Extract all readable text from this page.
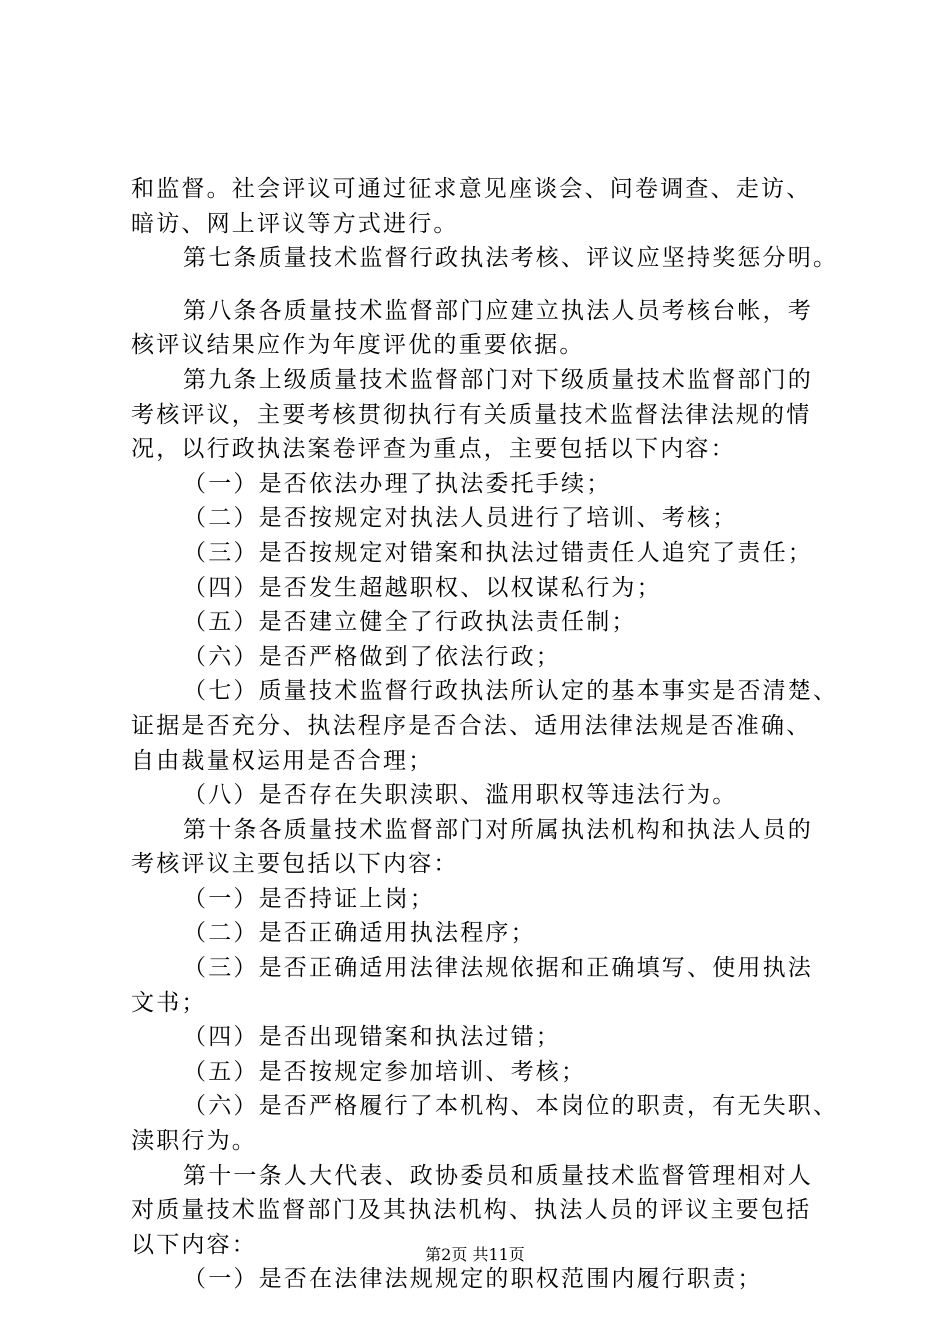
和监督。社会评议可通过征求意见座谈会、问卷调查、走访、
暗访、网上评议等方式进行。
第七条质量技术监督行政执法考核、评议应坚持奖惩分明。
第八条各质量技术监督部门应建立执法人员考核台帐，考
核评议结果应作为年度评优的重要依据。
第九条上级质量技术监督部门对下级质量技术监督部门的
考核评议，主要考核贯彻执行有关质量技术监督法律法规的情
况，以行政执法案卷评查为重点，主要包括以下内容：
（一）是否依法办理了执法委托手续；
（二）是否按规定对执法人员进行了培训、考核；
（三）是否按规定对错案和执法过错责任人追究了责任；
（四）是否发生超越职权、以权谋私行为；
（五）是否建立健全了行政执法责任制；
（六）是否严格做到了依法行政；
（七）质量技术监督行政执法所认定的基本事实是否清楚、
证据是否充分、执法程序是否合法、适用法律法规是否准确、
自由裁量权运用是否合理；
（八）是否存在失职渎职、滥用职权等违法行为。
第十条各质量技术监督部门对所属执法机构和执法人员的
考核评议主要包括以下内容：
（一）是否持证上岗；
（二）是否正确适用执法程序；
（三）是否正确适用法律法规依据和正确填写、使用执法
文书；
（四）是否出现错案和执法过错；
（五）是否按规定参加培训、考核；
（六）是否严格履行了本机构、本岗位的职责，有无失职、
渎职行为。
第十一条人大代表、政协委员和质量技术监督管理相对人
对质量技术监督部门及其执法机构、执法人员的评议主要包括
以下内容：
（一）是否在法律法规规定的职权范围内履行职责；
第2页 共11页
